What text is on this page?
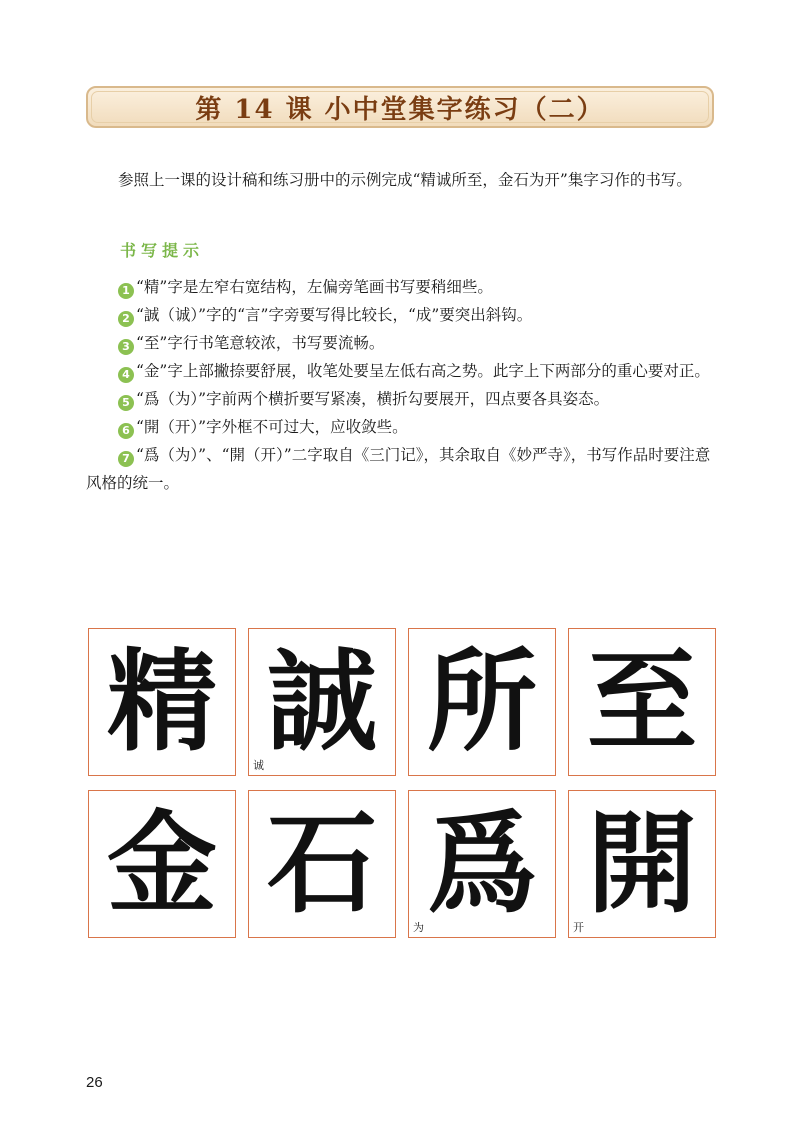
第 14 课 小中堂集字练习（二）

参照上一课的设计稿和练习册中的示例完成“精诚所至，金石为开”集字习作的书写。

书写提示

1 “精”字是左窄右宽结构，左偏旁笔画书写要稍细些。

2 “誠（诚）”字的“言”字旁要写得比较长，“成”要突出斜钩。

3 “至”字行书笔意较浓，书写要流畅。

4 “金”字上部撇捺要舒展，收笔处要呈左低右高之势。此字上下两部分的重心要对正。

5 “爲（为）”字前两个横折要写紧凑，横折勾要展开，四点要各具姿态。

6 “開（开）”字外框不可过大，应收敛些。

7 “爲（为）”、“開（开）”二字取自《三门记》，其余取自《妙严寺》，书写作品时要注意风格的统一。

精 誠
诚 所 至
金 石 爲
为 開
开
26
